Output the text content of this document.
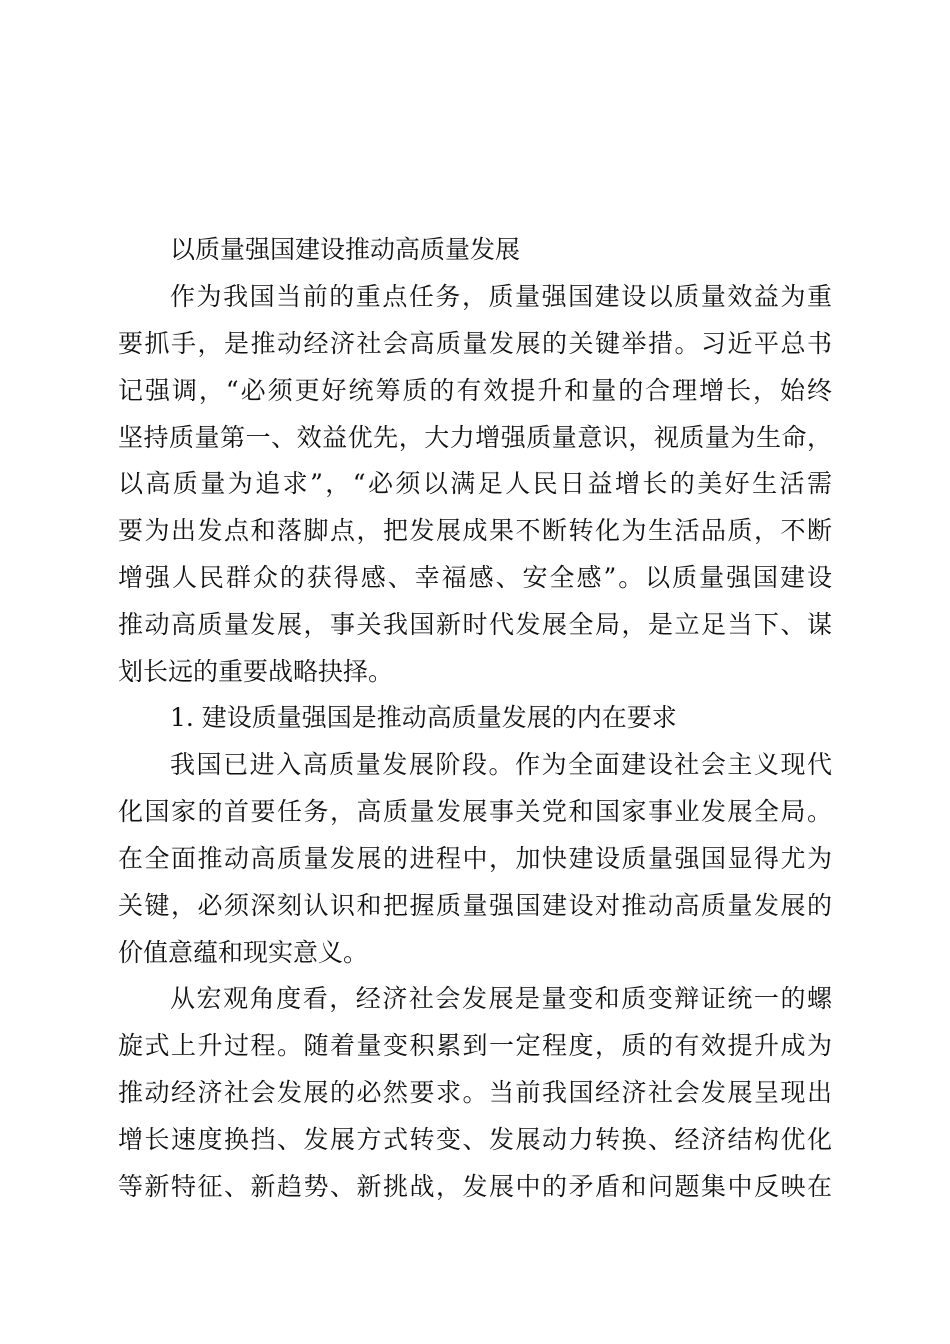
以质量强国建设推动高质量发展
作为我国当前的重点任务，质量强国建设以质量效益为重
要抓手，是推动经济社会高质量发展的关键举措。习近平总书
记强调，“必须更好统筹质的有效提升和量的合理增长，始终
坚持质量第一、效益优先，大力增强质量意识，视质量为生命，
以高质量为追求”，“必须以满足人民日益增长的美好生活需
要为出发点和落脚点，把发展成果不断转化为生活品质，不断
增强人民群众的获得感、幸福感、安全感”。以质量强国建设
推动高质量发展，事关我国新时代发展全局，是立足当下、谋
划长远的重要战略抉择。
1. 建设质量强国是推动高质量发展的内在要求
我国已进入高质量发展阶段。作为全面建设社会主义现代
化国家的首要任务，高质量发展事关党和国家事业发展全局。
在全面推动高质量发展的进程中，加快建设质量强国显得尤为
关键，必须深刻认识和把握质量强国建设对推动高质量发展的
价值意蕴和现实意义。
从宏观角度看，经济社会发展是量变和质变辩证统一的螺
旋式上升过程。随着量变积累到一定程度，质的有效提升成为
推动经济社会发展的必然要求。当前我国经济社会发展呈现出
增长速度换挡、发展方式转变、发展动力转换、经济结构优化
等新特征、新趋势、新挑战，发展中的矛盾和问题集中反映在
